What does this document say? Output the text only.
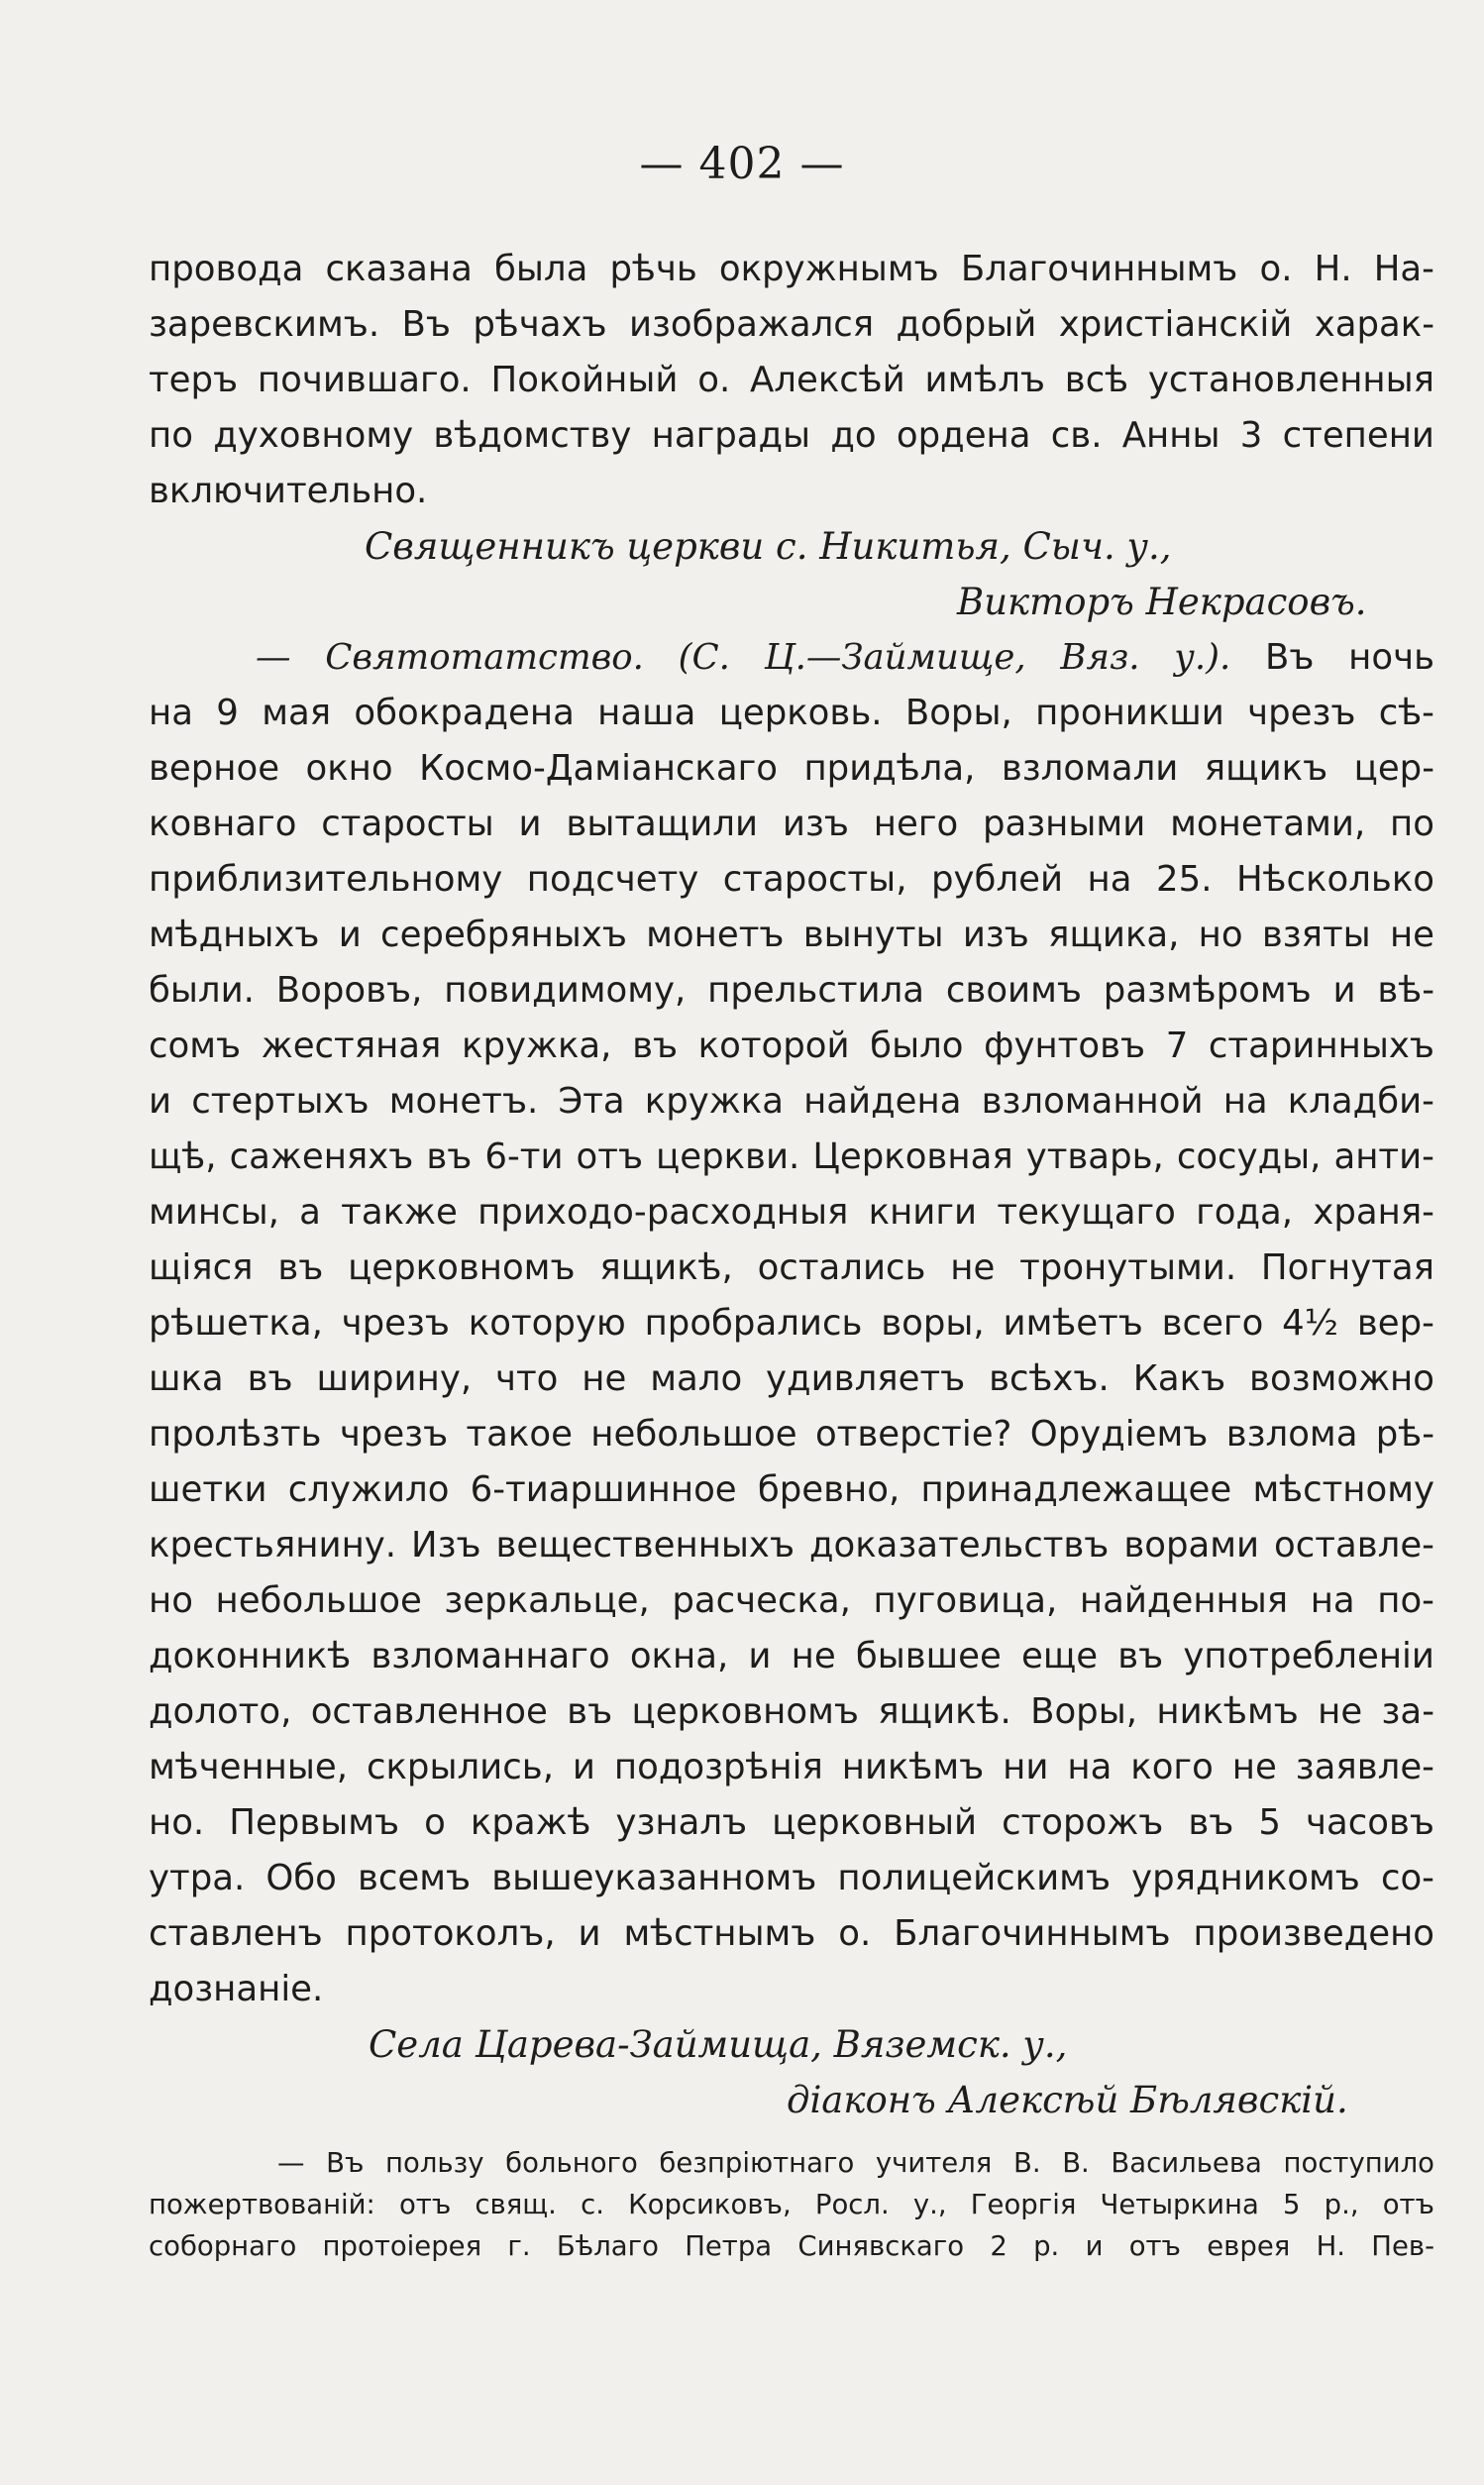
— 402 —
провода сказана была рѣчь окружнымъ Благочиннымъ о. Н. На-
заревскимъ. Въ рѣчахъ изображался добрый христіанскій харак-
теръ почившаго. Покойный о. Алексѣй имѣлъ всѣ установленныя
по духовному вѣдомству награды до ордена св. Анны 3 степени
включительно.
Священникъ церкви с. Никитья, Сыч. у.,
Викторъ Некрасовъ.
— Святотатство. (С. Ц.—Займище, Вяз. у.). Въ ночь
на 9 мая обокрадена наша церковь. Воры, проникши чрезъ сѣ-
верное окно Космо-Даміанскаго придѣла, взломали ящикъ цер-
ковнаго старосты и вытащили изъ него разными монетами, по
приблизительному подсчету старосты, рублей на 25. Нѣсколько
мѣдныхъ и серебряныхъ монетъ вынуты изъ ящика, но взяты не
были. Воровъ, повидимому, прельстила своимъ размѣромъ и вѣ-
сомъ жестяная кружка, въ которой было фунтовъ 7 старинныхъ
и стертыхъ монетъ. Эта кружка найдена взломанной на кладби-
щѣ, саженяхъ въ 6-ти отъ церкви. Церковная утварь, сосуды, анти-
минсы, а также приходо-расходныя книги текущаго года, храня-
щіяся въ церковномъ ящикѣ, остались не тронутыми. Погнутая
рѣшетка, чрезъ которую пробрались воры, имѣетъ всего 4½ вер-
шка въ ширину, что не мало удивляетъ всѣхъ. Какъ возможно
пролѣзть чрезъ такое небольшое отверстіе? Орудіемъ взлома рѣ-
шетки служило 6-тиаршинное бревно, принадлежащее мѣстному
крестьянину. Изъ вещественныхъ доказательствъ ворами оставле-
но небольшое зеркальце, расческа, пуговица, найденныя на по-
доконникѣ взломаннаго окна, и не бывшее еще въ употребленіи
долото, оставленное въ церковномъ ящикѣ. Воры, никѣмъ не за-
мѣченные, скрылись, и подозрѣнія никѣмъ ни на кого не заявле-
но. Первымъ о кражѣ узналъ церковный сторожъ въ 5 часовъ
утра. Обо всемъ вышеуказанномъ полицейскимъ урядникомъ со-
ставленъ протоколъ, и мѣстнымъ о. Благочиннымъ произведено
дознаніе.
Села Царева-Займища, Вяземск. у.,
діаконъ Алексѣй Бѣлявскій.
— Въ пользу больного безпріютнаго учителя В. В. Васильева поступило
пожертвованій: отъ свящ. с. Корсиковъ, Росл. у., Георгія Четыркина 5 р., отъ
соборнаго протоіерея г. Бѣлаго Петра Синявскаго 2 р. и отъ еврея Н. Пев-
